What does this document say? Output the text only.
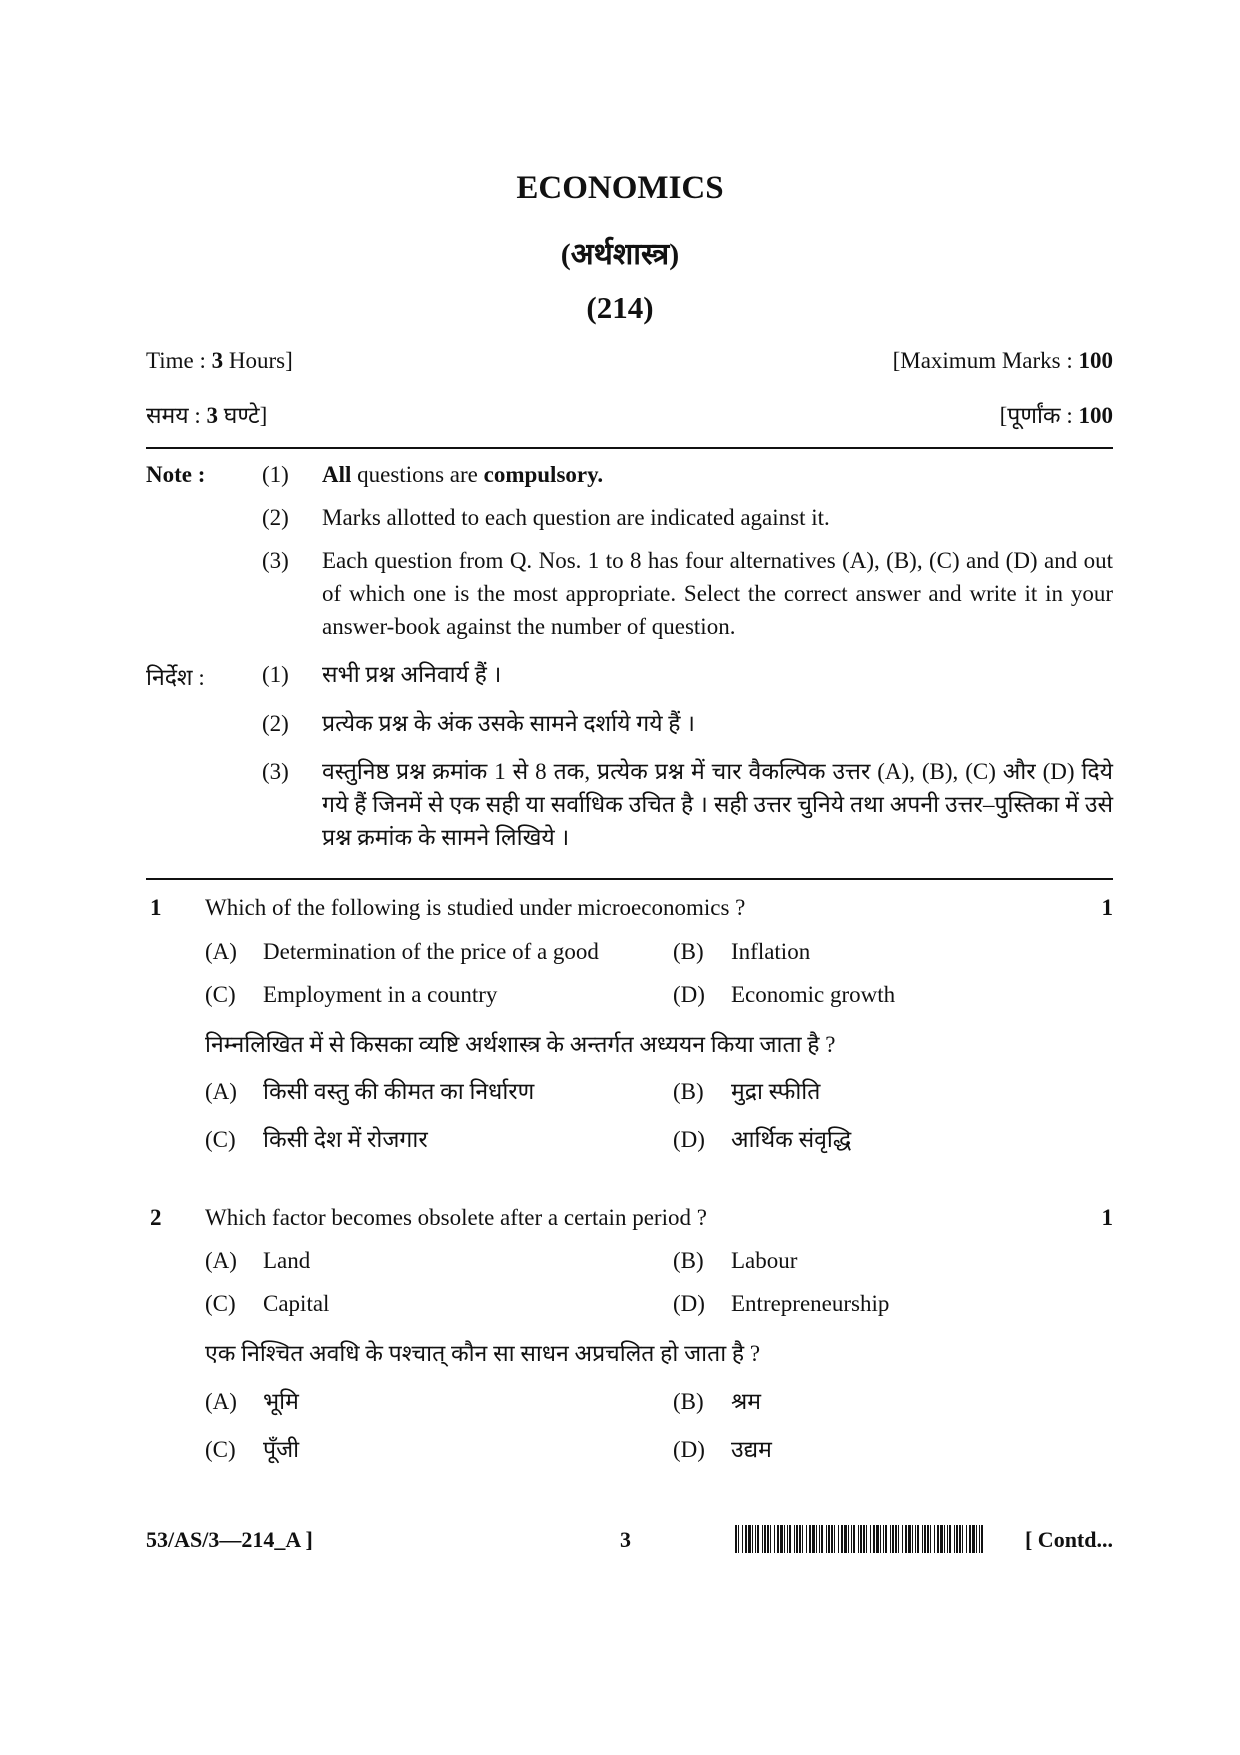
ECONOMICS
(अर्थशास्त्र)
(214)
Time : 3 Hours]	[Maximum Marks : 100
समय : 3 घण्टे]	[पूर्णांक : 100
Note : (1) All questions are compulsory.
(2) Marks allotted to each question are indicated against it.
(3) Each question from Q. Nos. 1 to 8 has four alternatives (A), (B), (C) and (D) and out of which one is the most appropriate. Select the correct answer and write it in your answer-book against the number of question.
निर्देश : (1) सभी प्रश्न अनिवार्य हैं ।
(2) प्रत्येक प्रश्न के अंक उसके सामने दर्शाये गये हैं ।
(3) वस्तुनिष्ठ प्रश्न क्रमांक 1 से 8 तक, प्रत्येक प्रश्न में चार वैकल्पिक उत्तर (A), (B), (C) और (D) दिये गये हैं जिनमें से एक सही या सर्वाधिक उचित है । सही उत्तर चुनिये तथा अपनी उत्तर–पुस्तिका में उसे प्रश्न क्रमांक के सामने लिखिये ।
1 Which of the following is studied under microeconomics ?	1
(A) Determination of the price of a good	(B) Inflation
(C) Employment in a country	(D) Economic growth
निम्नलिखित में से किसका व्यष्टि अर्थशास्त्र के अन्तर्गत अध्ययन किया जाता है ?
(A) किसी वस्तु की कीमत का निर्धारण	(B) मुद्रा स्फीति
(C) किसी देश में रोजगार	(D) आर्थिक संवृद्धि
2 Which factor becomes obsolete after a certain period ?	1
(A) Land	(B) Labour
(C) Capital	(D) Entrepreneurship
एक निश्चित अवधि के पश्चात् कौन सा साधन अप्रचलित हो जाता है ?
(A) भूमि	(B) श्रम
(C) पूँजी	(D) उद्यम
53/AS/3—214_A ]	3	[ Contd...
